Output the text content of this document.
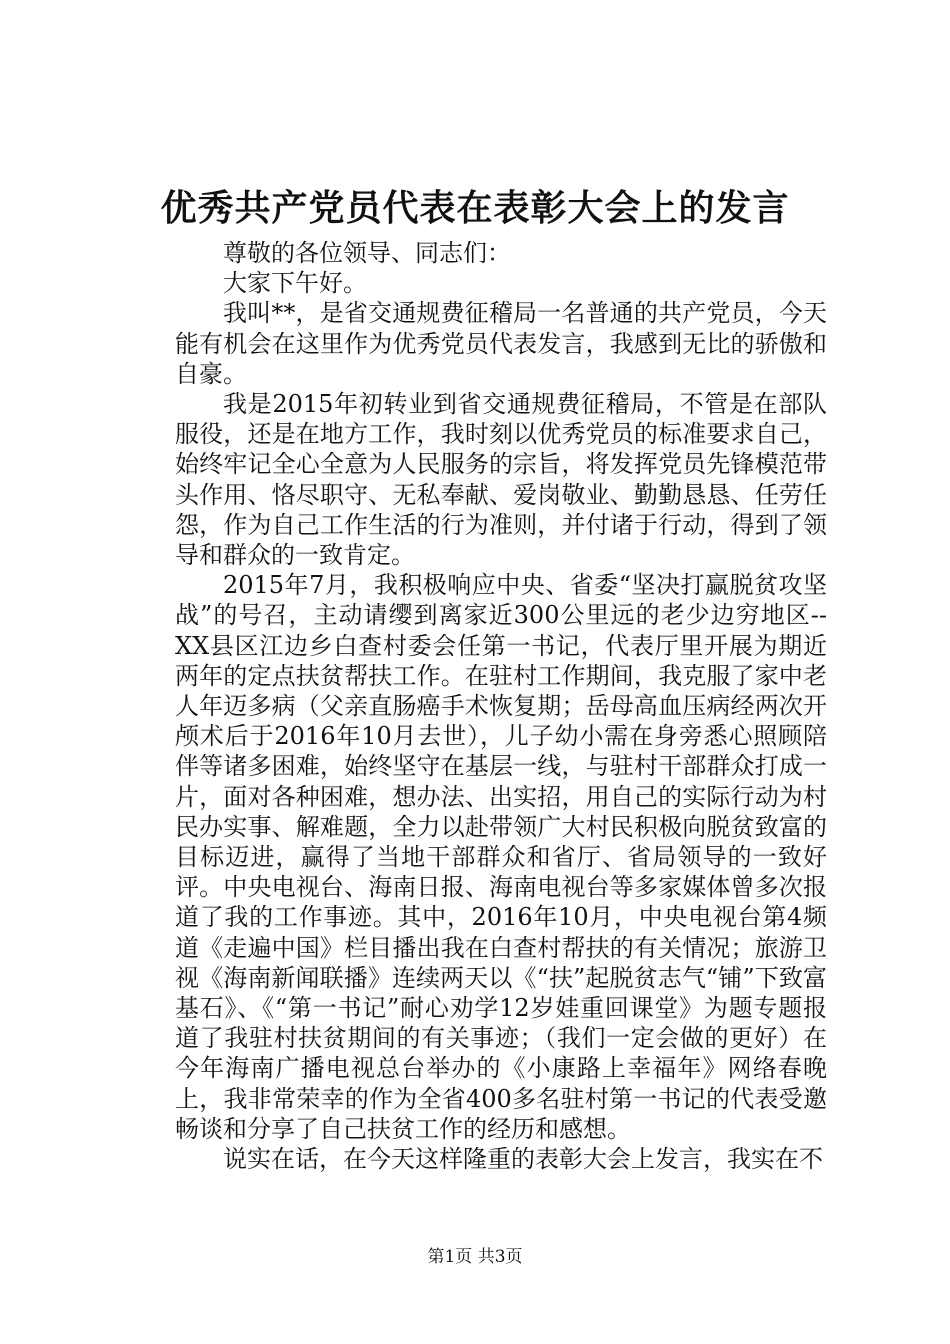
优秀共产党员代表在表彰大会上的发言

尊敬的各位领导、同志们：

大家下午好。

我叫**，是省交通规费征稽局一名普通的共产党员，今天能有机会在这里作为优秀党员代表发言，我感到无比的骄傲和自豪。

我是2015年初转业到省交通规费征稽局，不管是在部队服役，还是在地方工作，我时刻以优秀党员的标准要求自己，始终牢记全心全意为人民服务的宗旨，将发挥党员先锋模范带头作用、恪尽职守、无私奉献、爱岗敬业、勤勤恳恳、任劳任怨，作为自己工作生活的行为准则，并付诸于行动，得到了领导和群众的一致肯定。

2015年7月，我积极响应中央、省委“坚决打赢脱贫攻坚战”的号召，主动请缨到离家近300公里远的老少边穷地区--XX县区江边乡白查村委会任第一书记，代表厅里开展为期近两年的定点扶贫帮扶工作。在驻村工作期间，我克服了家中老人年迈多病（父亲直肠癌手术恢复期；岳母高血压病经两次开颅术后于2016年10月去世），儿子幼小需在身旁悉心照顾陪伴等诸多困难，始终坚守在基层一线，与驻村干部群众打成一片，面对各种困难，想办法、出实招，用自己的实际行动为村民办实事、解难题，全力以赴带领广大村民积极向脱贫致富的目标迈进，赢得了当地干部群众和省厅、省局领导的一致好评。中央电视台、海南日报、海南电视台等多家媒体曾多次报道了我的工作事迹。其中，2016年10月，中央电视台第4频道《走遍中国》栏目播出我在白查村帮扶的有关情况；旅游卫视《海南新闻联播》连续两天以《“扶”起脱贫志气“铺”下致富基石》、《“第一书记”耐心劝学12岁娃重回课堂》为题专题报道了我驻村扶贫期间的有关事迹；（我们一定会做的更好）在今年海南广播电视总台举办的《小康路上幸福年》网络春晚上，我非常荣幸的作为全省400多名驻村第一书记的代表受邀畅谈和分享了自己扶贫工作的经历和感想。

说实在话，在今天这样隆重的表彰大会上发言，我实在不

第1页 共3页
